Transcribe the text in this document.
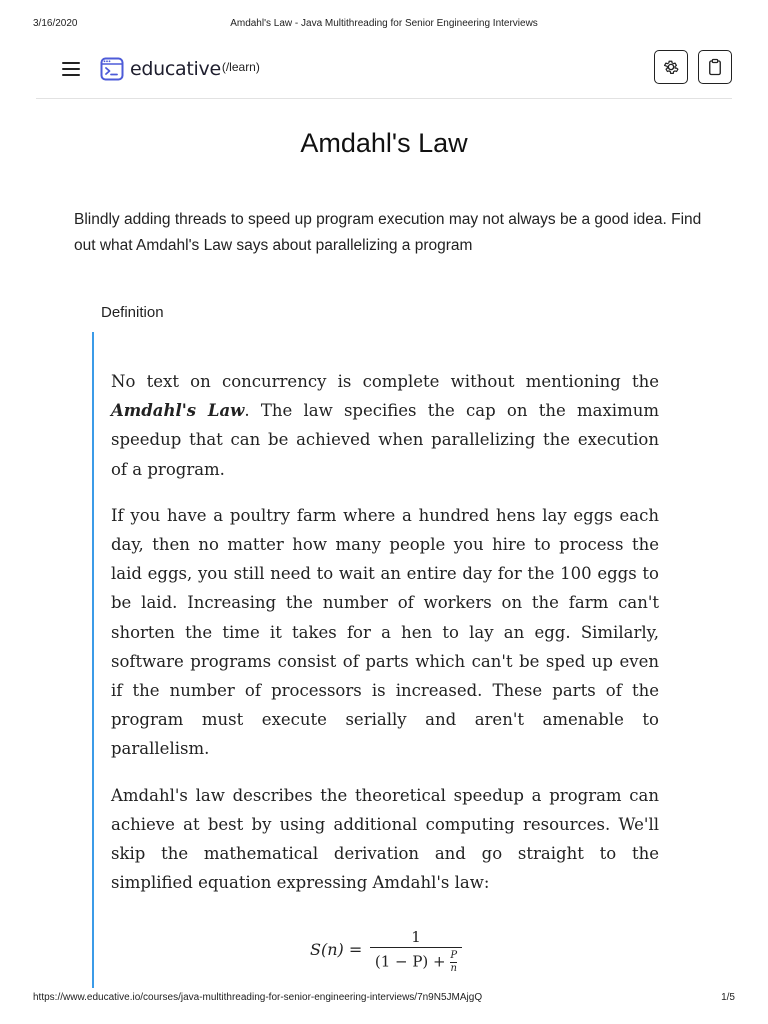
3/16/2020	Amdahl's Law - Java Multithreading for Senior Engineering Interviews
educative (/learn)
Amdahl's Law
Blindly adding threads to speed up program execution may not always be a good idea. Find out what Amdahl's Law says about parallelizing a program
Definition

No text on concurrency is complete without mentioning the Amdahl's Law. The law specifies the cap on the maximum speedup that can be achieved when parallelizing the execution of a program.

If you have a poultry farm where a hundred hens lay eggs each day, then no matter how many people you hire to process the laid eggs, you still need to wait an entire day for the 100 eggs to be laid. Increasing the number of workers on the farm can't shorten the time it takes for a hen to lay an egg. Similarly, software programs consist of parts which can't be sped up even if the number of processors is increased. These parts of the program must execute serially and aren't amenable to parallelism.

Amdahl's law describes the theoretical speedup a program can achieve at best by using additional computing resources. We'll skip the mathematical derivation and go straight to the simplified equation expressing Amdahl's law:

S(n) =
1
$(1 - P) + \frac{P}{n}$
https://www.educative.io/courses/java-multithreading-for-senior-engineering-interviews/7n9N5JMAjgQ	1/5
